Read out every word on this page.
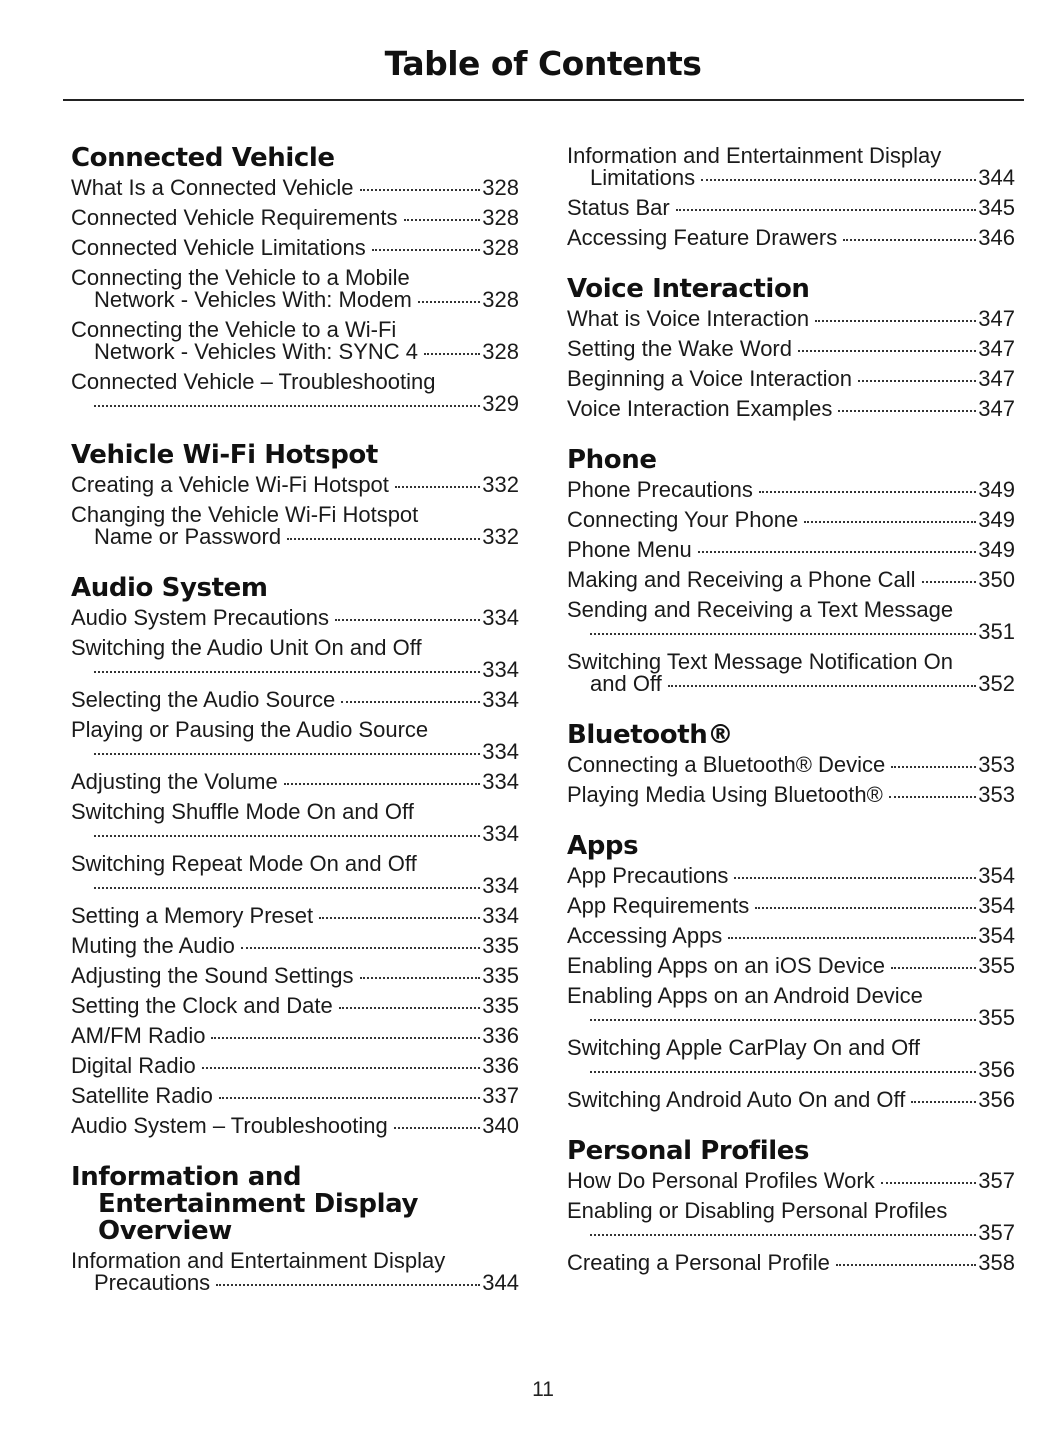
Table of Contents
Connected Vehicle
What Is a Connected Vehicle	328
Connected Vehicle Requirements	328
Connected Vehicle Limitations	328
Connecting the Vehicle to a Mobile
Network - Vehicles With: Modem	328
Connecting the Vehicle to a Wi-Fi
Network - Vehicles With: SYNC 4	328
Connected Vehicle – Troubleshooting
329
Vehicle Wi-Fi Hotspot
Creating a Vehicle Wi-Fi Hotspot	332
Changing the Vehicle Wi-Fi Hotspot
Name or Password	332
Audio System
Audio System Precautions	334
Switching the Audio Unit On and Off
334
Selecting the Audio Source	334
Playing or Pausing the Audio Source
334
Adjusting the Volume	334
Switching Shuffle Mode On and Off
334
Switching Repeat Mode On and Off
334
Setting a Memory Preset	334
Muting the Audio	335
Adjusting the Sound Settings	335
Setting the Clock and Date	335
AM/FM Radio	336
Digital Radio	336
Satellite Radio	337
Audio System – Troubleshooting	340
Information and
Entertainment Display
Overview
Information and Entertainment Display
Precautions	344
Information and Entertainment Display
Limitations	344
Status Bar	345
Accessing Feature Drawers	346
Voice Interaction
What is Voice Interaction	347
Setting the Wake Word	347
Beginning a Voice Interaction	347
Voice Interaction Examples	347
Phone
Phone Precautions	349
Connecting Your Phone	349
Phone Menu	349
Making and Receiving a Phone Call	350
Sending and Receiving a Text Message
351
Switching Text Message Notification On
and Off	352
Bluetooth®
Connecting a Bluetooth® Device	353
Playing Media Using Bluetooth®	353
Apps
App Precautions	354
App Requirements	354
Accessing Apps	354
Enabling Apps on an iOS Device	355
Enabling Apps on an Android Device
355
Switching Apple CarPlay On and Off
356
Switching Android Auto On and Off	356
Personal Profiles
How Do Personal Profiles Work	357
Enabling or Disabling Personal Profiles
357
Creating a Personal Profile	358
11
